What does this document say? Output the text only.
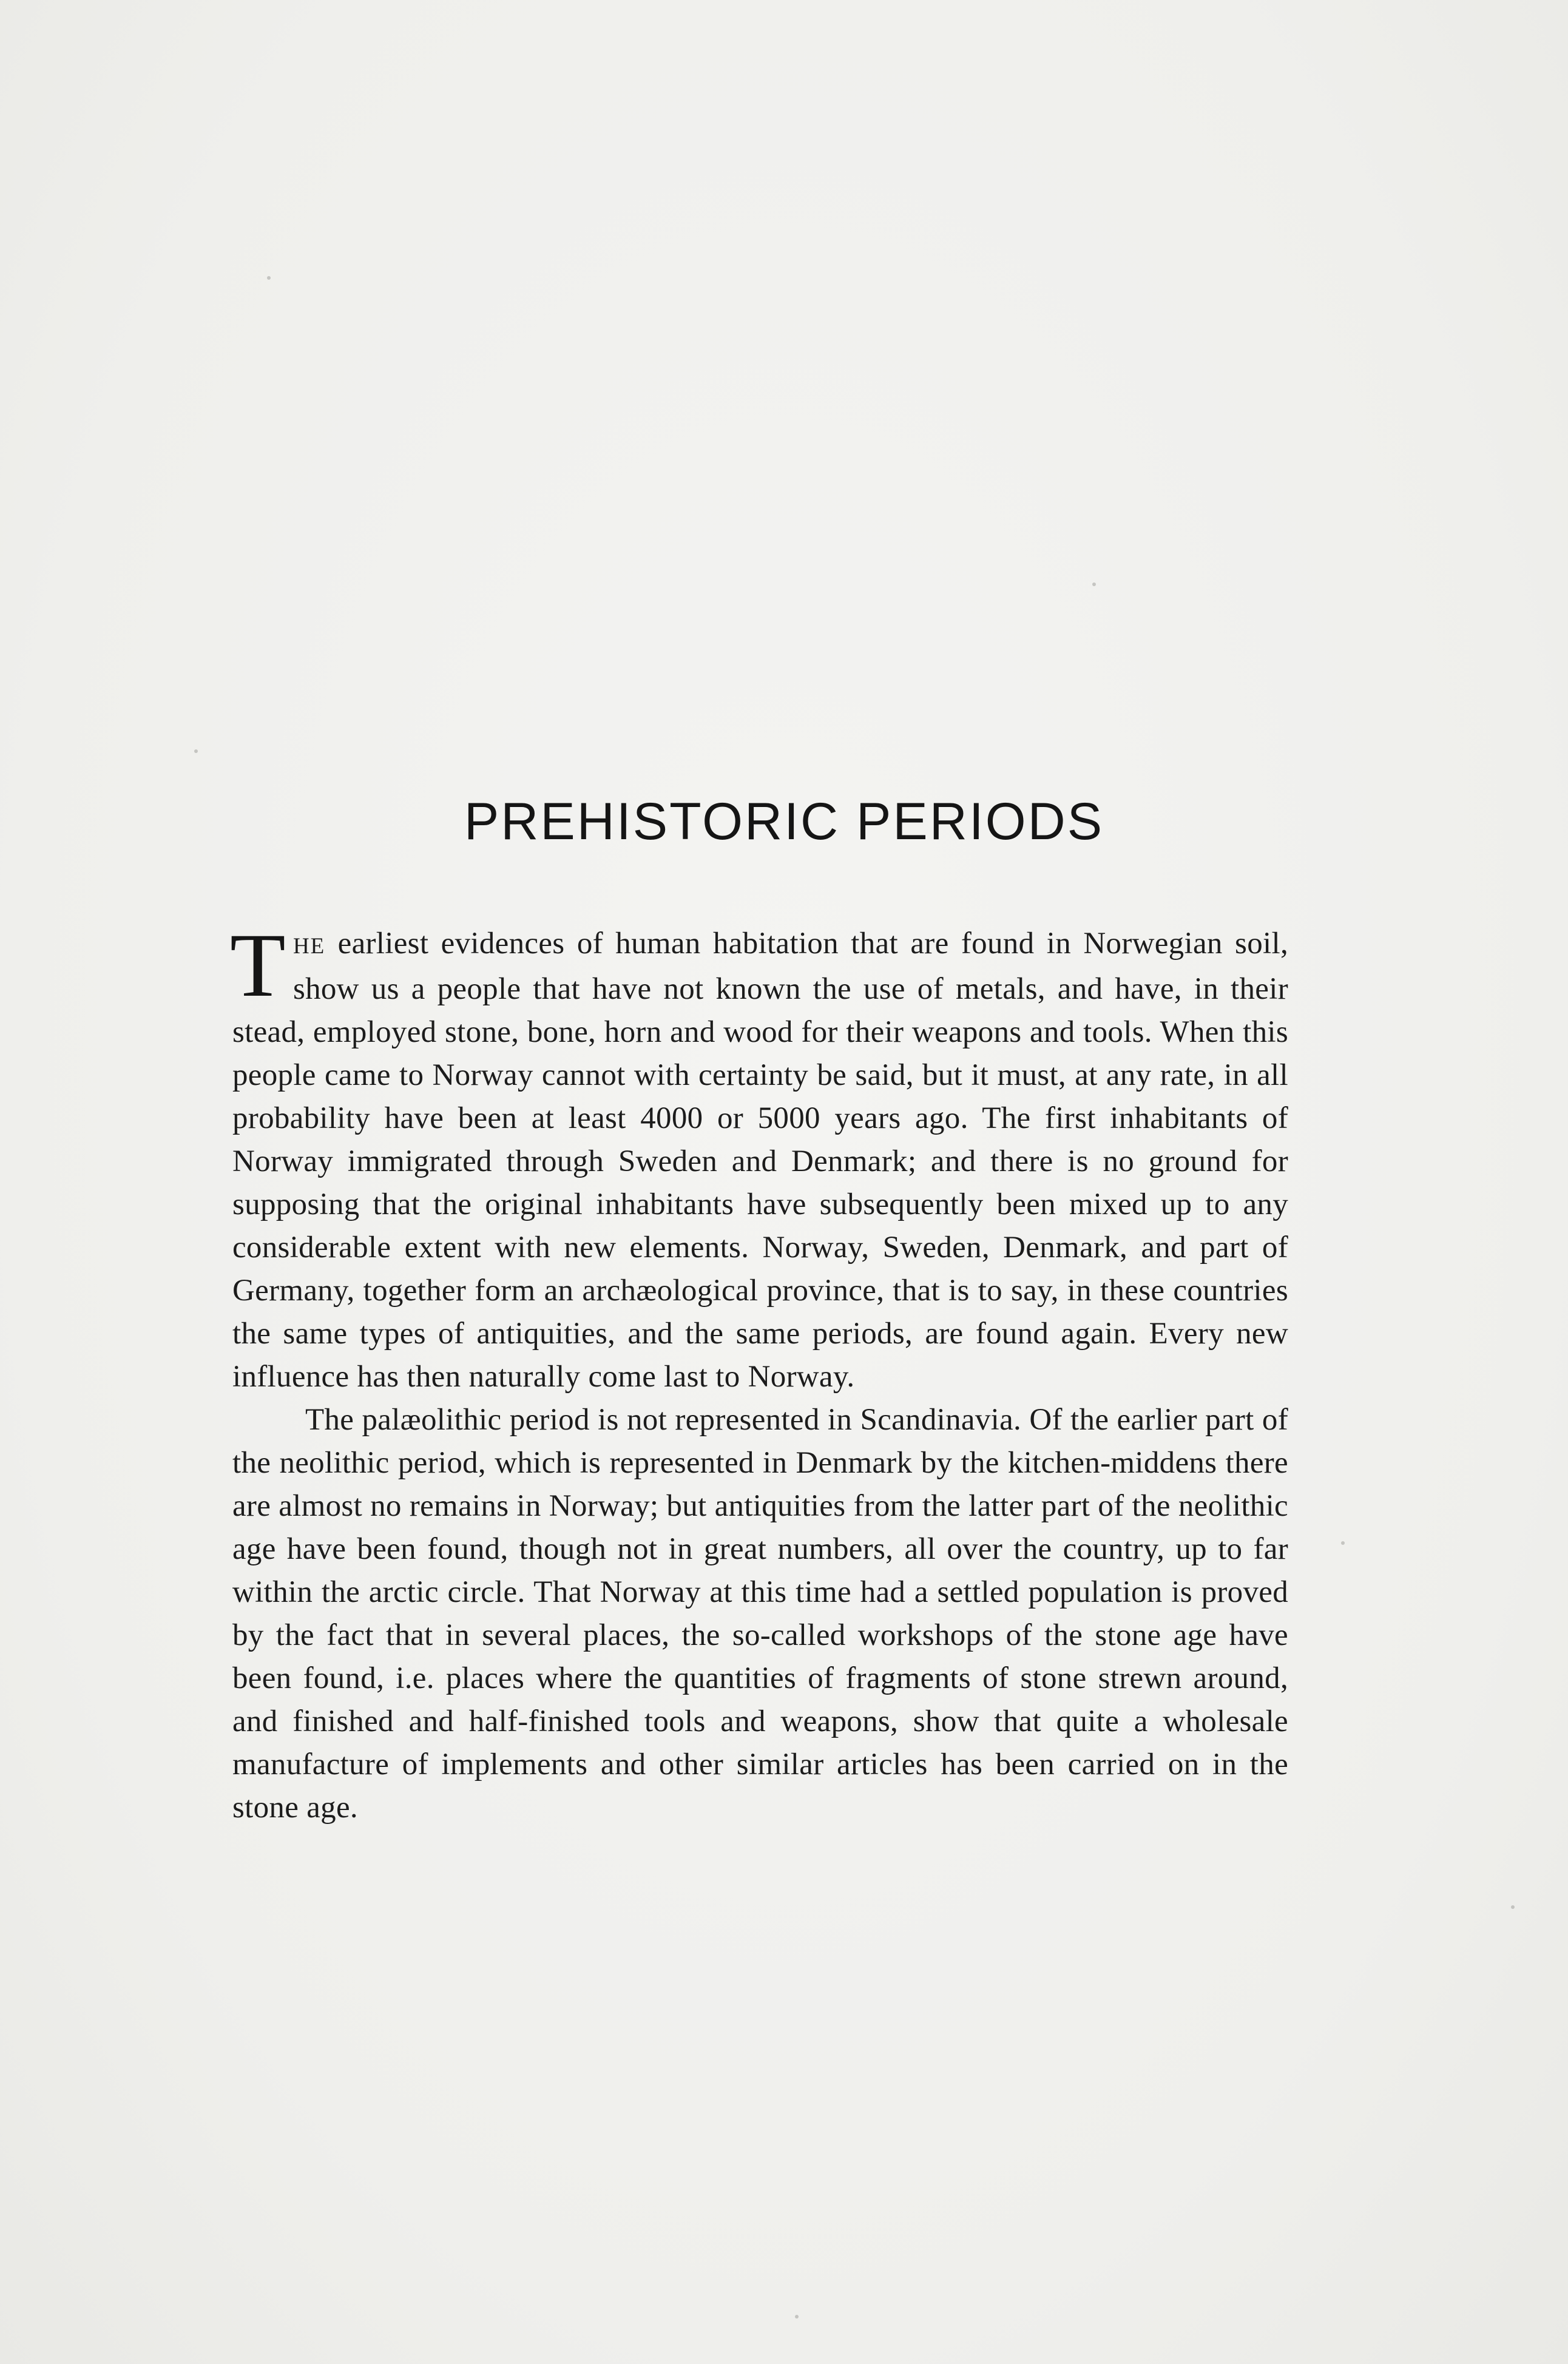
PREHISTORIC PERIODS

THE earliest evidences of human habitation that are found in Norwegian soil, show us a people that have not known the use of metals, and have, in their stead, employed stone, bone, horn and wood for their weapons and tools. When this people came to Norway cannot with certainty be said, but it must, at any rate, in all probability have been at least 4000 or 5000 years ago. The first inhabitants of Norway immigrated through Sweden and Denmark; and there is no ground for supposing that the original inhabitants have subsequently been mixed up to any considerable extent with new elements. Norway, Sweden, Denmark, and part of Germany, together form an archæological province, that is to say, in these countries the same types of antiquities, and the same periods, are found again. Every new influence has then naturally come last to Norway.

The palæolithic period is not represented in Scandinavia. Of the earlier part of the neolithic period, which is represented in Denmark by the kitchen-middens there are almost no remains in Norway; but antiquities from the latter part of the neolithic age have been found, though not in great numbers, all over the country, up to far within the arctic circle. That Norway at this time had a settled population is proved by the fact that in several places, the so-called workshops of the stone age have been found, i.e. places where the quantities of fragments of stone strewn around, and finished and half-finished tools and weapons, show that quite a wholesale manufacture of implements and other similar articles has been carried on in the stone age.
